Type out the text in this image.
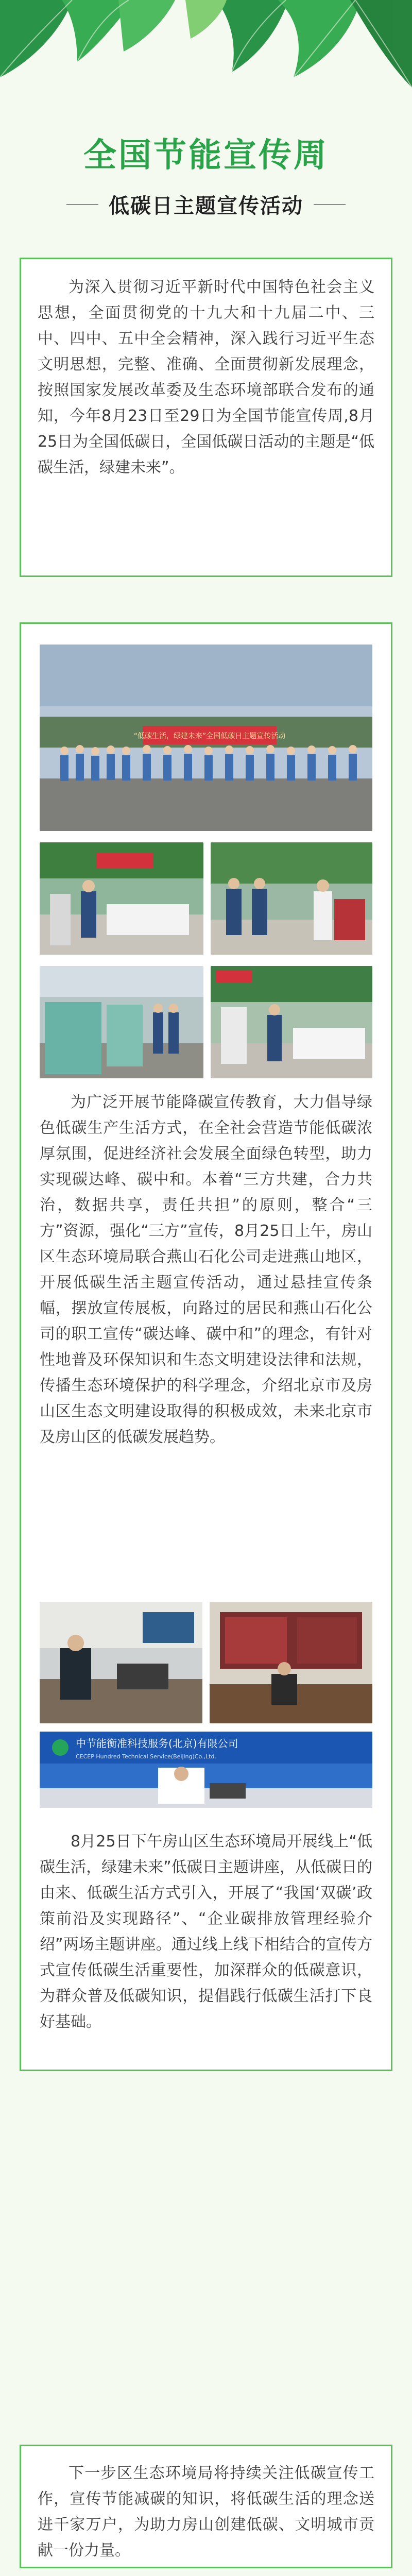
全国节能宣传周
低碳日主题宣传活动

为深入贯彻习近平新时代中国特色社会主义思想，全面贯彻党的十九大和十九届二中、三中、四中、五中全会精神，深入践行习近平生态文明思想，完整、准确、全面贯彻新发展理念，按照国家发展改革委及生态环境部联合发布的通知，今年8月23日至29日为全国节能宣传周,8月25日为全国低碳日，全国低碳日活动的主题是“低碳生活，绿建未来”。

“低碳生活，绿建未来”全国低碳日主题宣传活动

为广泛开展节能降碳宣传教育，大力倡导绿色低碳生产生活方式，在全社会营造节能低碳浓厚氛围，促进经济社会发展全面绿色转型，助力实现碳达峰、碳中和。本着“三方共建，合力共治，数据共享，责任共担”的原则，整合“三方”资源，强化“三方”宣传，8月25日上午，房山区生态环境局联合燕山石化公司走进燕山地区，开展低碳生活主题宣传活动，通过悬挂宣传条幅，摆放宣传展板，向路过的居民和燕山石化公司的职工宣传“碳达峰、碳中和”的理念，有针对性地普及环保知识和生态文明建设法律和法规，传播生态环境保护的科学理念，介绍北京市及房山区生态文明建设取得的积极成效，未来北京市及房山区的低碳发展趋势。

中节能衡准科技服务(北京)有限公司
CECEP Hundred Technical Service(Beijing)Co.,Ltd.

8月25日下午房山区生态环境局开展线上“低碳生活，绿建未来”低碳日主题讲座，从低碳日的由来、低碳生活方式引入，开展了“我国‘双碳’政策前沿及实现路径”、“企业碳排放管理经验介绍”两场主题讲座。通过线上线下相结合的宣传方式宣传低碳生活重要性，加深群众的低碳意识，为群众普及低碳知识，提倡践行低碳生活打下良好基础。

下一步区生态环境局将持续关注低碳宣传工作，宣传节能减碳的知识，将低碳生活的理念送进千家万户，为助力房山创建低碳、文明城市贡献一份力量。
